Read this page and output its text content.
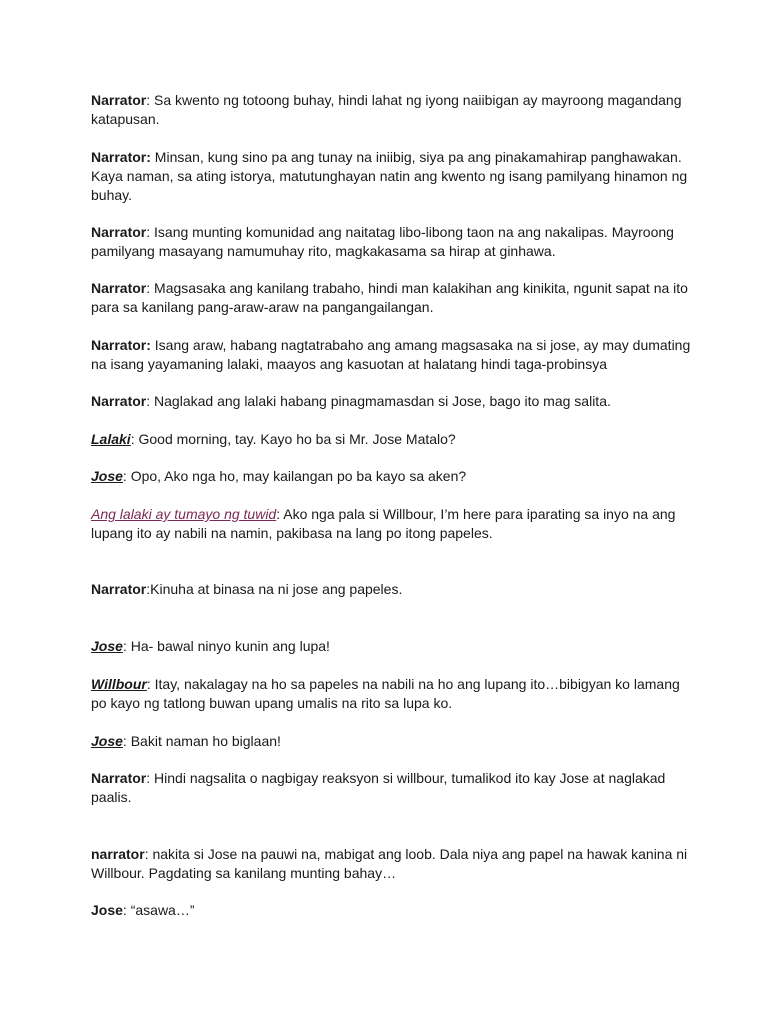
Narrator: Sa kwento ng totoong buhay, hindi lahat ng iyong naiibigan ay mayroong magandang katapusan.

Narrator: Minsan, kung sino pa ang tunay na iniibig, siya pa ang pinakamahirap panghawakan. Kaya naman, sa ating istorya, matutunghayan natin ang kwento ng isang pamilyang hinamon ng buhay.

Narrator: Isang munting komunidad ang naitatag libo-libong taon na ang nakalipas. Mayroong pamilyang masayang namumuhay rito, magkakasama sa hirap at ginhawa.

Narrator: Magsasaka ang kanilang trabaho, hindi man kalakihan ang kinikita, ngunit sapat na ito para sa kanilang pang-araw-araw na pangangailangan.

Narrator: Isang araw, habang nagtatrabaho ang amang magsasaka na si jose, ay may dumating na isang yayamaning lalaki, maayos ang kasuotan at halatang hindi taga-probinsya

Narrator: Naglakad ang lalaki habang pinagmamasdan si Jose, bago ito mag salita.

Lalaki: Good morning, tay. Kayo ho ba si Mr. Jose Matalo?

Jose: Opo, Ako nga ho, may kailangan po ba kayo sa aken?

Ang lalaki ay tumayo ng tuwid: Ako nga pala si Willbour, I’m here para iparating sa inyo na ang lupang ito ay nabili na namin, pakibasa na lang po itong papeles.

Narrator:Kinuha at binasa na ni jose ang papeles.

Jose: Ha- bawal ninyo kunin ang lupa!

Willbour: Itay, nakalagay na ho sa papeles na nabili na ho ang lupang ito…bibigyan ko lamang po kayo ng tatlong buwan upang umalis na rito sa lupa ko.

Jose: Bakit naman ho biglaan!

Narrator: Hindi nagsalita o nagbigay reaksyon si willbour, tumalikod ito kay Jose at naglakad paalis.

narrator: nakita si Jose na pauwi na, mabigat ang loob. Dala niya ang papel na hawak kanina ni Willbour. Pagdating sa kanilang munting bahay…

Jose: “asawa…”
